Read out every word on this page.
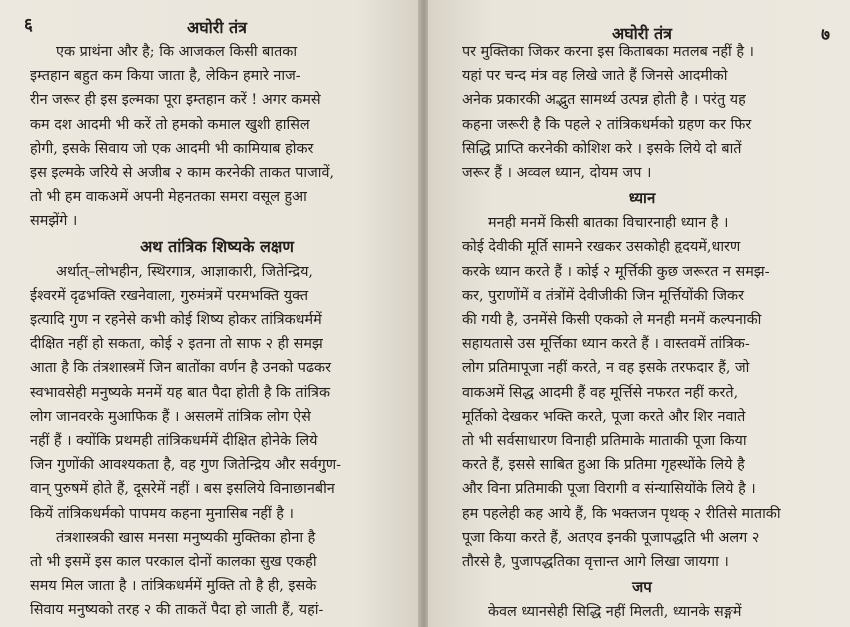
६	अघोरी तंत्र
एक प्राथंना और है; कि आजकल किसी बातका
इम्तहान बहुत कम किया जाता है, लेकिन हमारे नाज-
रीन जरूर ही इस इल्मका पूरा इम्तहान करें ! अगर कमसे
कम दश आदमी भी करें तो हमको कमाल खुशी हासिल
होगी, इसके सिवाय जो एक आदमी भी कामियाब होकर
इस इल्मके जरिये से अजीब २ काम करनेकी ताकत पाजावें,
तो भी हम वाकअमें अपनी मेहनतका समरा वसूल हुआ
समझेंगे ।
अथ तांत्रिक शिष्यके लक्षण
अर्थात्‌–लोभहीन, स्थिरगात्र, आज्ञाकारी, जितेन्द्रिय,
ईश्वरमें दृढभक्ति रखनेवाला, गुरुमंत्रमें परमभक्ति युक्त
इत्यादि गुण न रहनेसे कभी कोई शिष्य होकर तांत्रिकधर्ममें
दीक्षित नहीं हो सकता, कोई २ इतना तो साफ २ ही समझ
आता है कि तंत्रशास्त्रमें जिन बातोंका वर्णन है उनको पढकर
स्वभावसेही मनुष्यके मनमें यह बात पैदा होती है कि तांत्रिक
लोग जानवरके मुआफिक हैं । असलमें तांत्रिक लोग ऐसे
नहीं हैं । क्योंकि प्रथमही तांत्रिकधर्ममें दीक्षित होनेके लिये
जिन गुणोंकी आवश्यकता है, वह गुण जितेन्द्रिय और सर्वगुण-
वान् पुरुषमें होते हैं, दूसरेमें नहीं । बस इसलिये विनाछानबीन
कियें तांत्रिकधर्मको पापमय कहना मुनासिब नहीं है ।
तंत्रशास्त्रकी खास मनसा मनुष्यकी मुक्तिका होना है
तो भी इसमें इस काल परकाल दोनों कालका सुख एकही
समय मिल जाता है । तांत्रिकधर्ममें मुक्ति तो है ही, इसके
सिवाय मनुष्यको तरह २ की ताकतें पैदा हो जाती हैं, यहां-
अघोरी तंत्र	७
पर मुक्तिका जिकर करना इस किताबका मतलब नहीं है ।
यहां पर चन्द मंत्र वह लिखे जाते हैं जिनसे आदमीको
अनेक प्रकारकी अद्भुत सामर्थ्य उत्पन्न होती है । परंतु यह
कहना जरूरी है कि पहले २ तांत्रिकधर्मको ग्रहण कर फिर
सिद्धि प्राप्ति करनेकी कोशिश करे । इसके लिये दो बातें
जरूर हैं । अव्वल ध्यान, दोयम जप ।
ध्यान
मनही मनमें किसी बातका विचारनाही ध्यान है ।
कोई देवीकी मूर्ति सामने रखकर उसकोही हृदयमें,धारण
करके ध्यान करते हैं । कोई २ मूर्त्तिकी कुछ जरूरत न समझ-
कर, पुराणोंमें व तंत्रोंमें देवीजीकी जिन मूर्त्तियोंकी जिकर
की गयी है, उनमेंसे किसी एकको ले मनही मनमें कल्पनाकी
सहायतासे उस मूर्त्तिका ध्यान करते हैं । वास्तवमें तांत्रिक-
लोग प्रतिमापूजा नहीं करते, न वह इसके तरफदार हैं, जो
वाकअमें सिद्ध आदमी हैं वह मूर्त्तिसे नफरत नहीं करते,
मूर्तिको देखकर भक्ति करते, पूजा करते और शिर नवाते
तो भी सर्वसाधारण विनाही प्रतिमाके माताकी पूजा किया
करते हैं, इससे साबित हुआ कि प्रतिमा गृहस्थोंके लिये है
और विना प्रतिमाकी पूजा विरागी व संन्यासियोंके लिये है ।
हम पहलेही कह आये हैं, कि भक्तजन पृथक्‌ २ रीतिसे माताकी
पूजा किया करते हैं, अतएव इनकी पूजापद्धति भी अलग २
तौरसे है, पुजापद्धतिका वृत्तान्त आगे लिखा जायगा ।
जप
केवल ध्यानसेही सिद्धि नहीं मिलती, ध्यानके सङ्गमें
